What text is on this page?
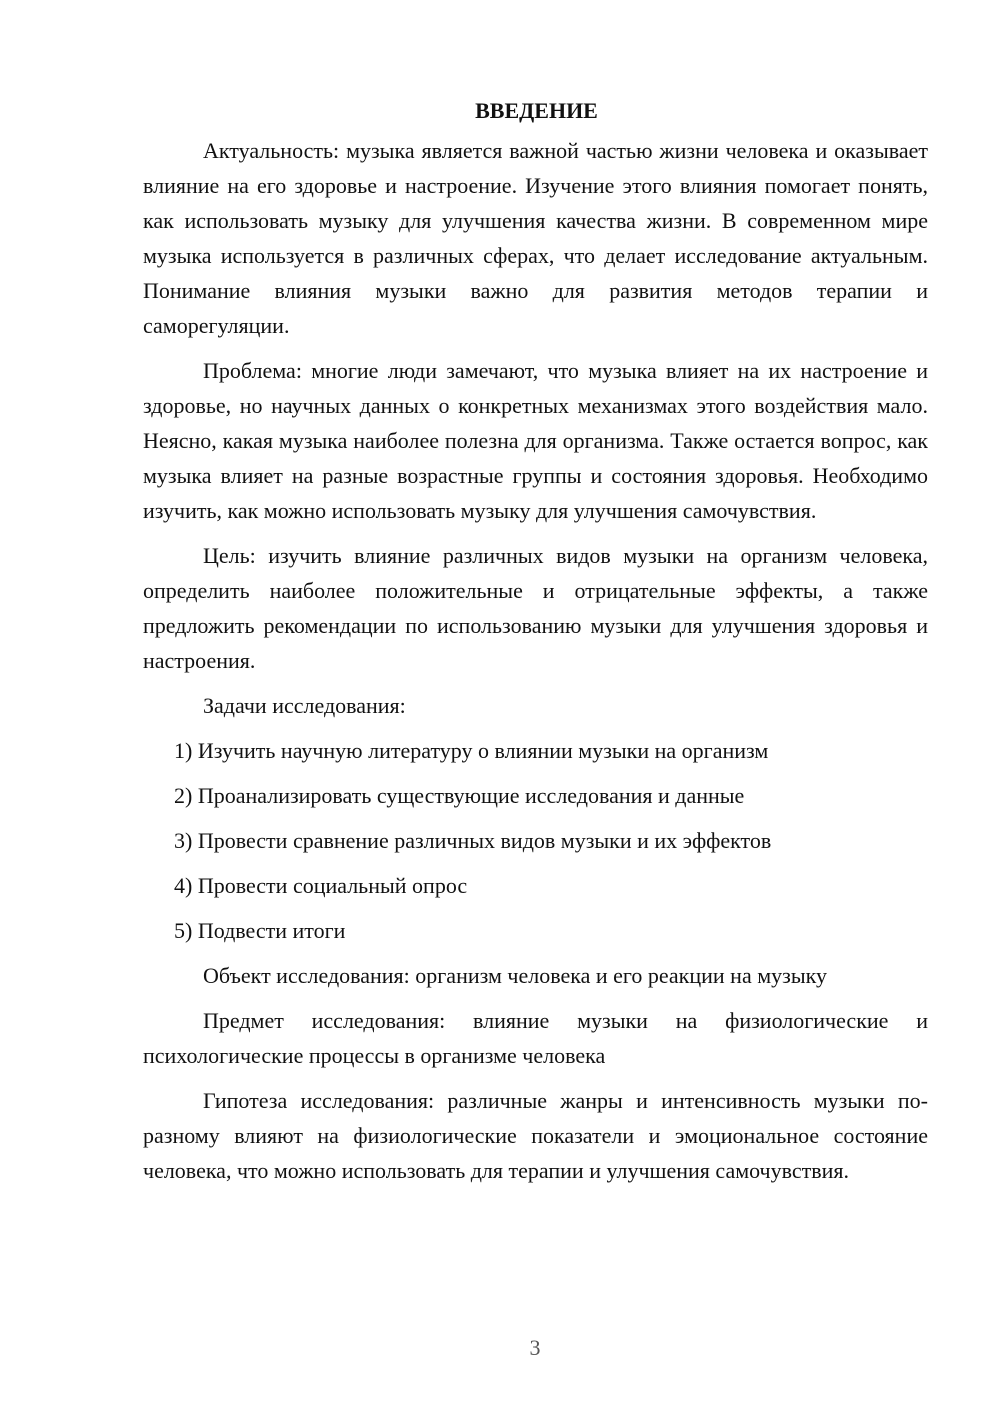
ВВЕДЕНИЕ

Актуальность: музыка является важной частью жизни человека и оказывает влияние на его здоровье и настроение. Изучение этого влияния помогает понять, как использовать музыку для улучшения качества жизни. В современном мире музыка используется в различных сферах, что делает исследование актуальным. Понимание влияния музыки важно для развития методов терапии и саморегуляции.

Проблема: многие люди замечают, что музыка влияет на их настроение и здоровье, но научных данных о конкретных механизмах этого воздействия мало. Неясно, какая музыка наиболее полезна для организма. Также остается вопрос, как музыка влияет на разные возрастные группы и состояния здоровья. Необходимо изучить, как можно использовать музыку для улучшения самочувствия.

Цель: изучить влияние различных видов музыки на организм человека, определить наиболее положительные и отрицательные эффекты, а также предложить рекомендации по использованию музыки для улучшения здоровья и настроения.

Задачи исследования:

1) Изучить научную литературу о влиянии музыки на организм
2) Проанализировать существующие исследования и данные
3) Провести сравнение различных видов музыки и их эффектов
4) Провести социальный опрос
5) Подвести итоги

Объект исследования: организм человека и его реакции на музыку

Предмет исследования: влияние музыки на физиологические и психологические процессы в организме человека

Гипотеза исследования: различные жанры и интенсивность музыки по-разному влияют на физиологические показатели и эмоциональное состояние человека, что можно использовать для терапии и улучшения самочувствия.

3
